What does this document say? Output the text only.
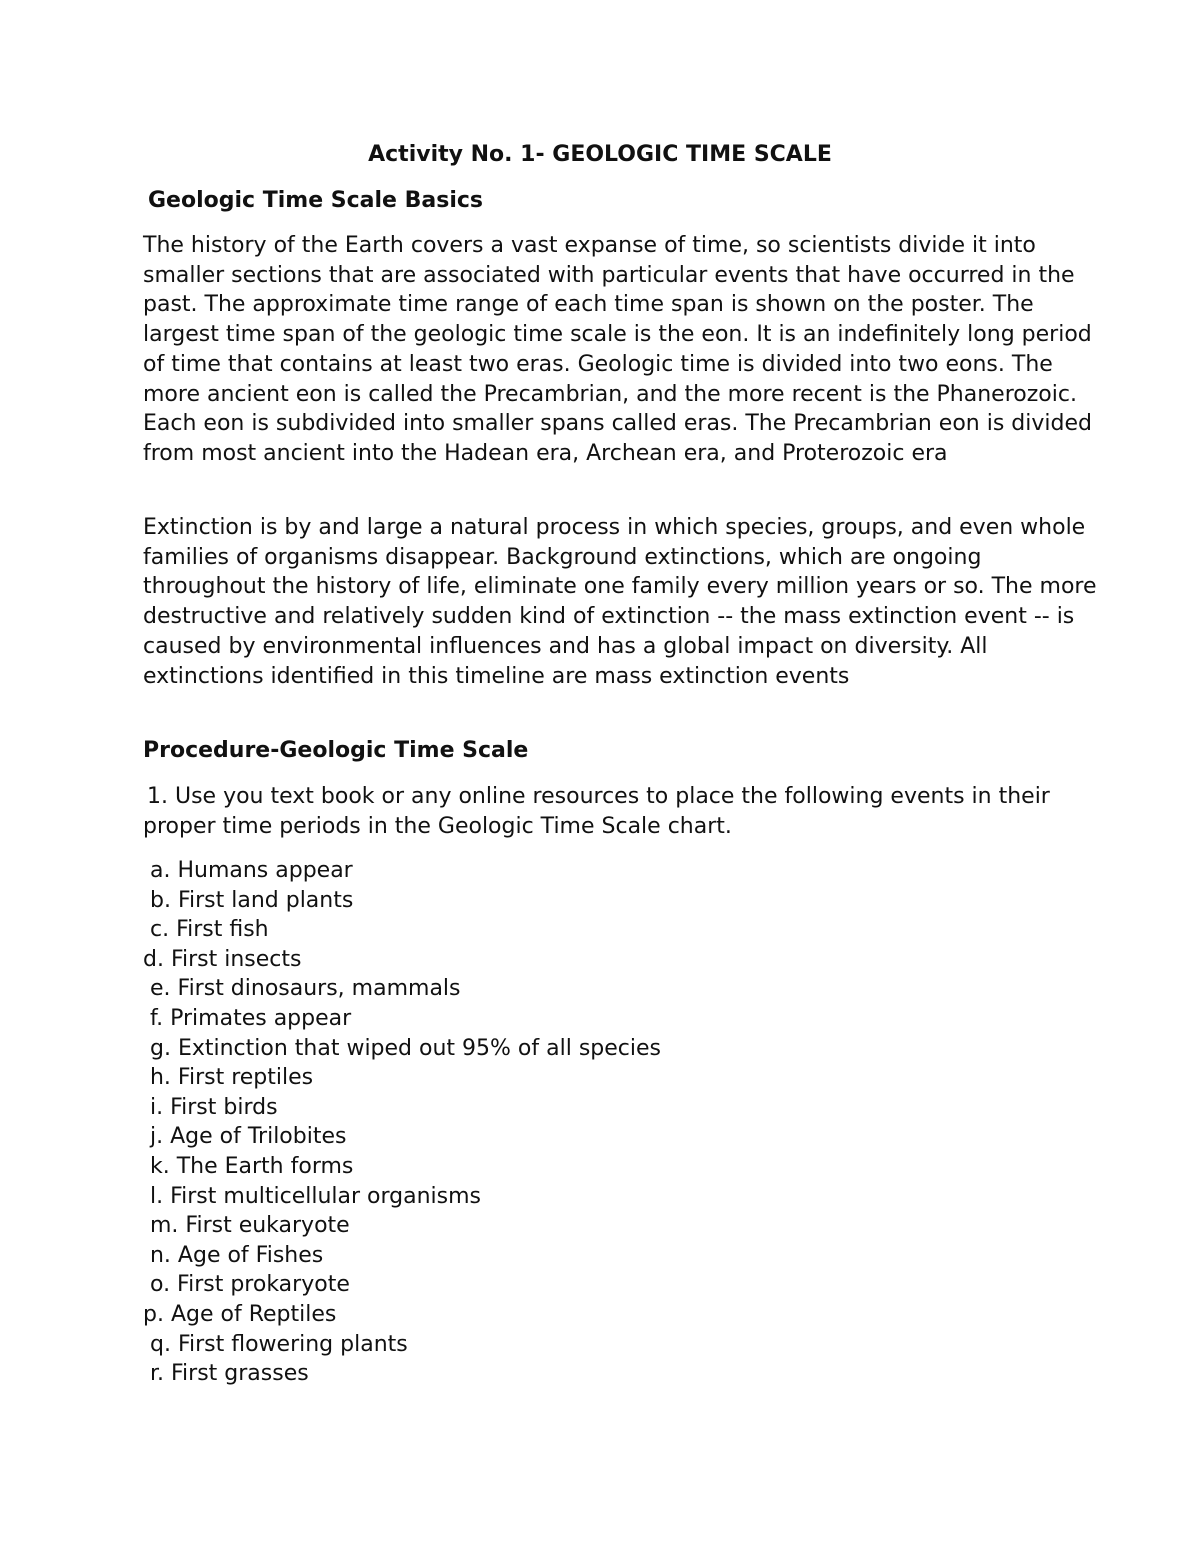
Activity No. 1- GEOLOGIC TIME SCALE
Geologic Time Scale Basics

The history of the Earth covers a vast expanse of time, so scientists divide it into smaller sections that are associated with particular events that have occurred in the past. The approximate time range of each time span is shown on the poster. The largest time span of the geologic time scale is the eon. It is an indefinitely long period of time that contains at least two eras. Geologic time is divided into two eons. The more ancient eon is called the Precambrian, and the more recent is the Phanerozoic. Each eon is subdivided into smaller spans called eras. The Precambrian eon is divided from most ancient into the Hadean era, Archean era, and Proterozoic era

Extinction is by and large a natural process in which species, groups, and even whole families of organisms disappear. Background extinctions, which are ongoing throughout the history of life, eliminate one family every million years or so. The more destructive and relatively sudden kind of extinction -- the mass extinction event -- is caused by environmental influences and has a global impact on diversity. All extinctions identified in this timeline are mass extinction events

Procedure-Geologic Time Scale

1. Use you text book or any online resources to place the following events in their proper time periods in the Geologic Time Scale chart.

a. Humans appear
b. First land plants
c. First fish
d. First insects
e. First dinosaurs, mammals
f. Primates appear
g. Extinction that wiped out 95% of all species
h. First reptiles
i. First birds
j. Age of Trilobites
k. The Earth forms
l. First multicellular organisms
m. First eukaryote
n. Age of Fishes
o. First prokaryote
p. Age of Reptiles
q. First flowering plants
r. First grasses
